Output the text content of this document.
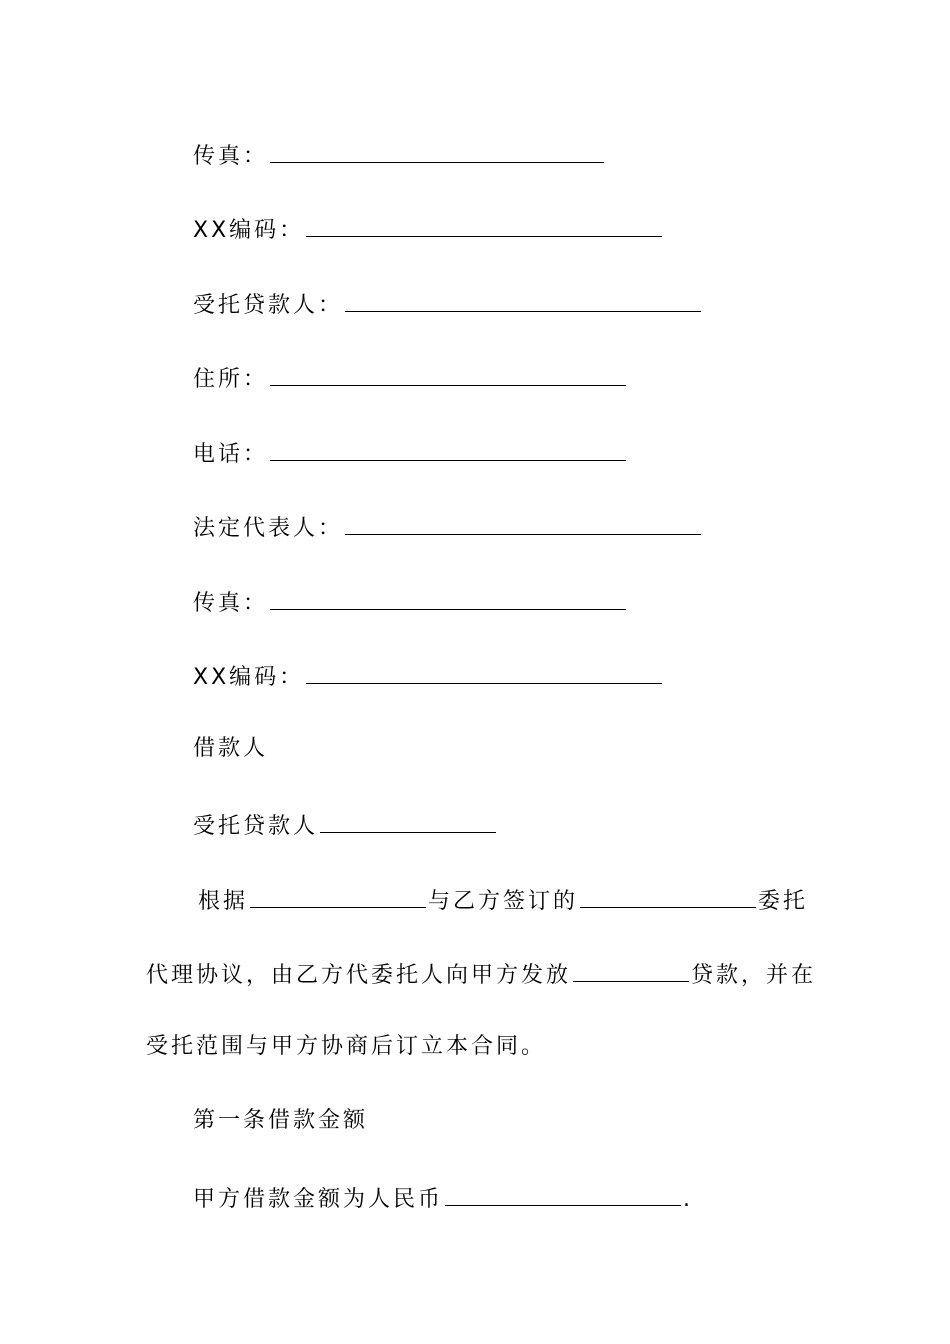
传真：
XX编码：
受托贷款人：
住所：
电话：
法定代表人：
传真：
XX编码：
借款人
受托贷款人
根据	与乙方签订的	委托
代理协议，由乙方代委托人向甲方发放	贷款，并在
受托范围与甲方协商后订立本合同。
第一条借款金额
甲方借款金额为人民币	.
